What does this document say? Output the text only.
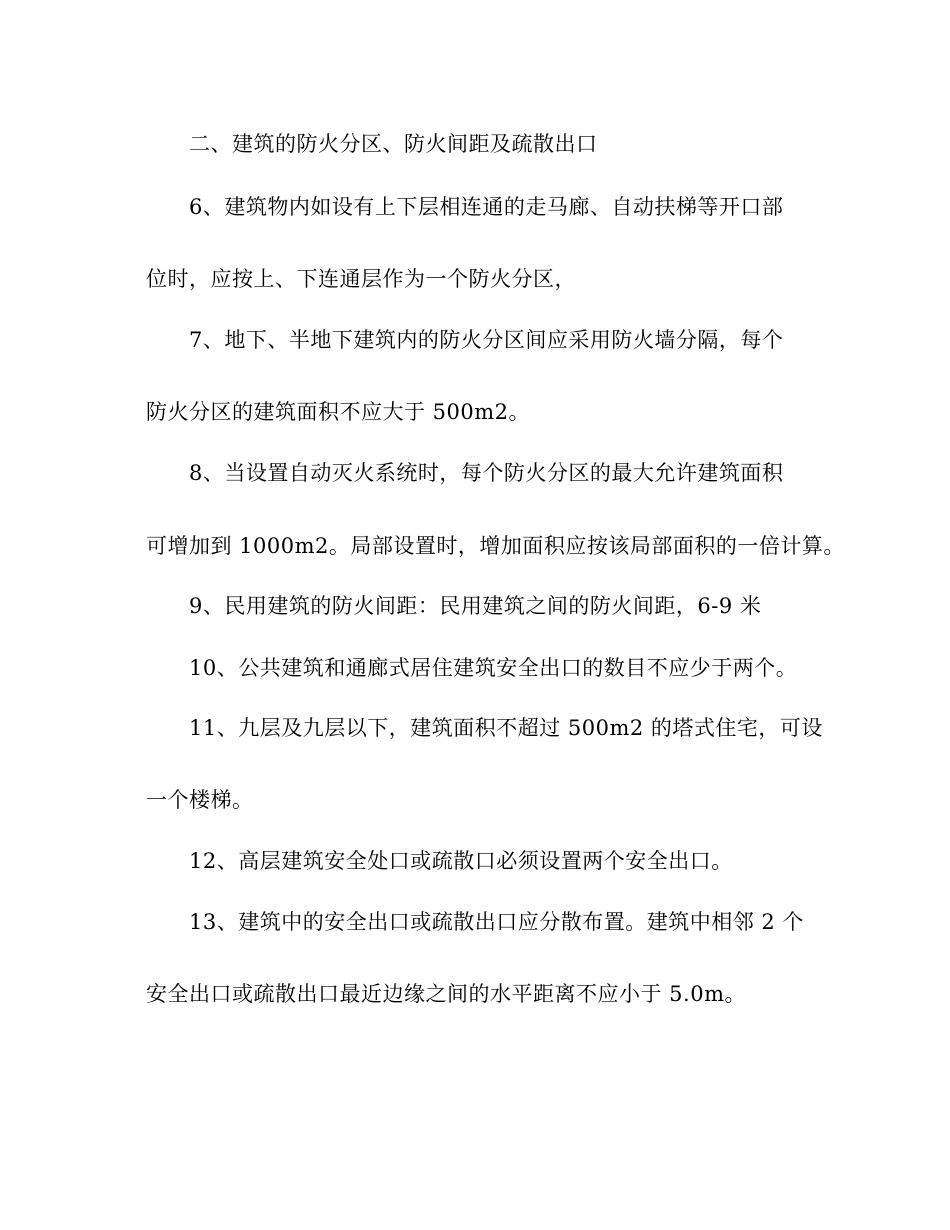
二、建筑的防火分区、防火间距及疏散出口
6、建筑物内如设有上下层相连通的走马廊、自动扶梯等开口部
位时，应按上、下连通层作为一个防火分区，
7、地下、半地下建筑内的防火分区间应采用防火墙分隔，每个
防火分区的建筑面积不应大于 500m2。
8、当设置自动灭火系统时，每个防火分区的最大允许建筑面积
可增加到 1000m2。局部设置时，增加面积应按该局部面积的一倍计算。
9、民用建筑的防火间距：民用建筑之间的防火间距，6-9 米
10、公共建筑和通廊式居住建筑安全出口的数目不应少于两个。
11、九层及九层以下，建筑面积不超过 500m2 的塔式住宅，可设
一个楼梯。
12、高层建筑安全处口或疏散口必须设置两个安全出口。
13、建筑中的安全出口或疏散出口应分散布置。建筑中相邻 2 个
安全出口或疏散出口最近边缘之间的水平距离不应小于 5.0m。
